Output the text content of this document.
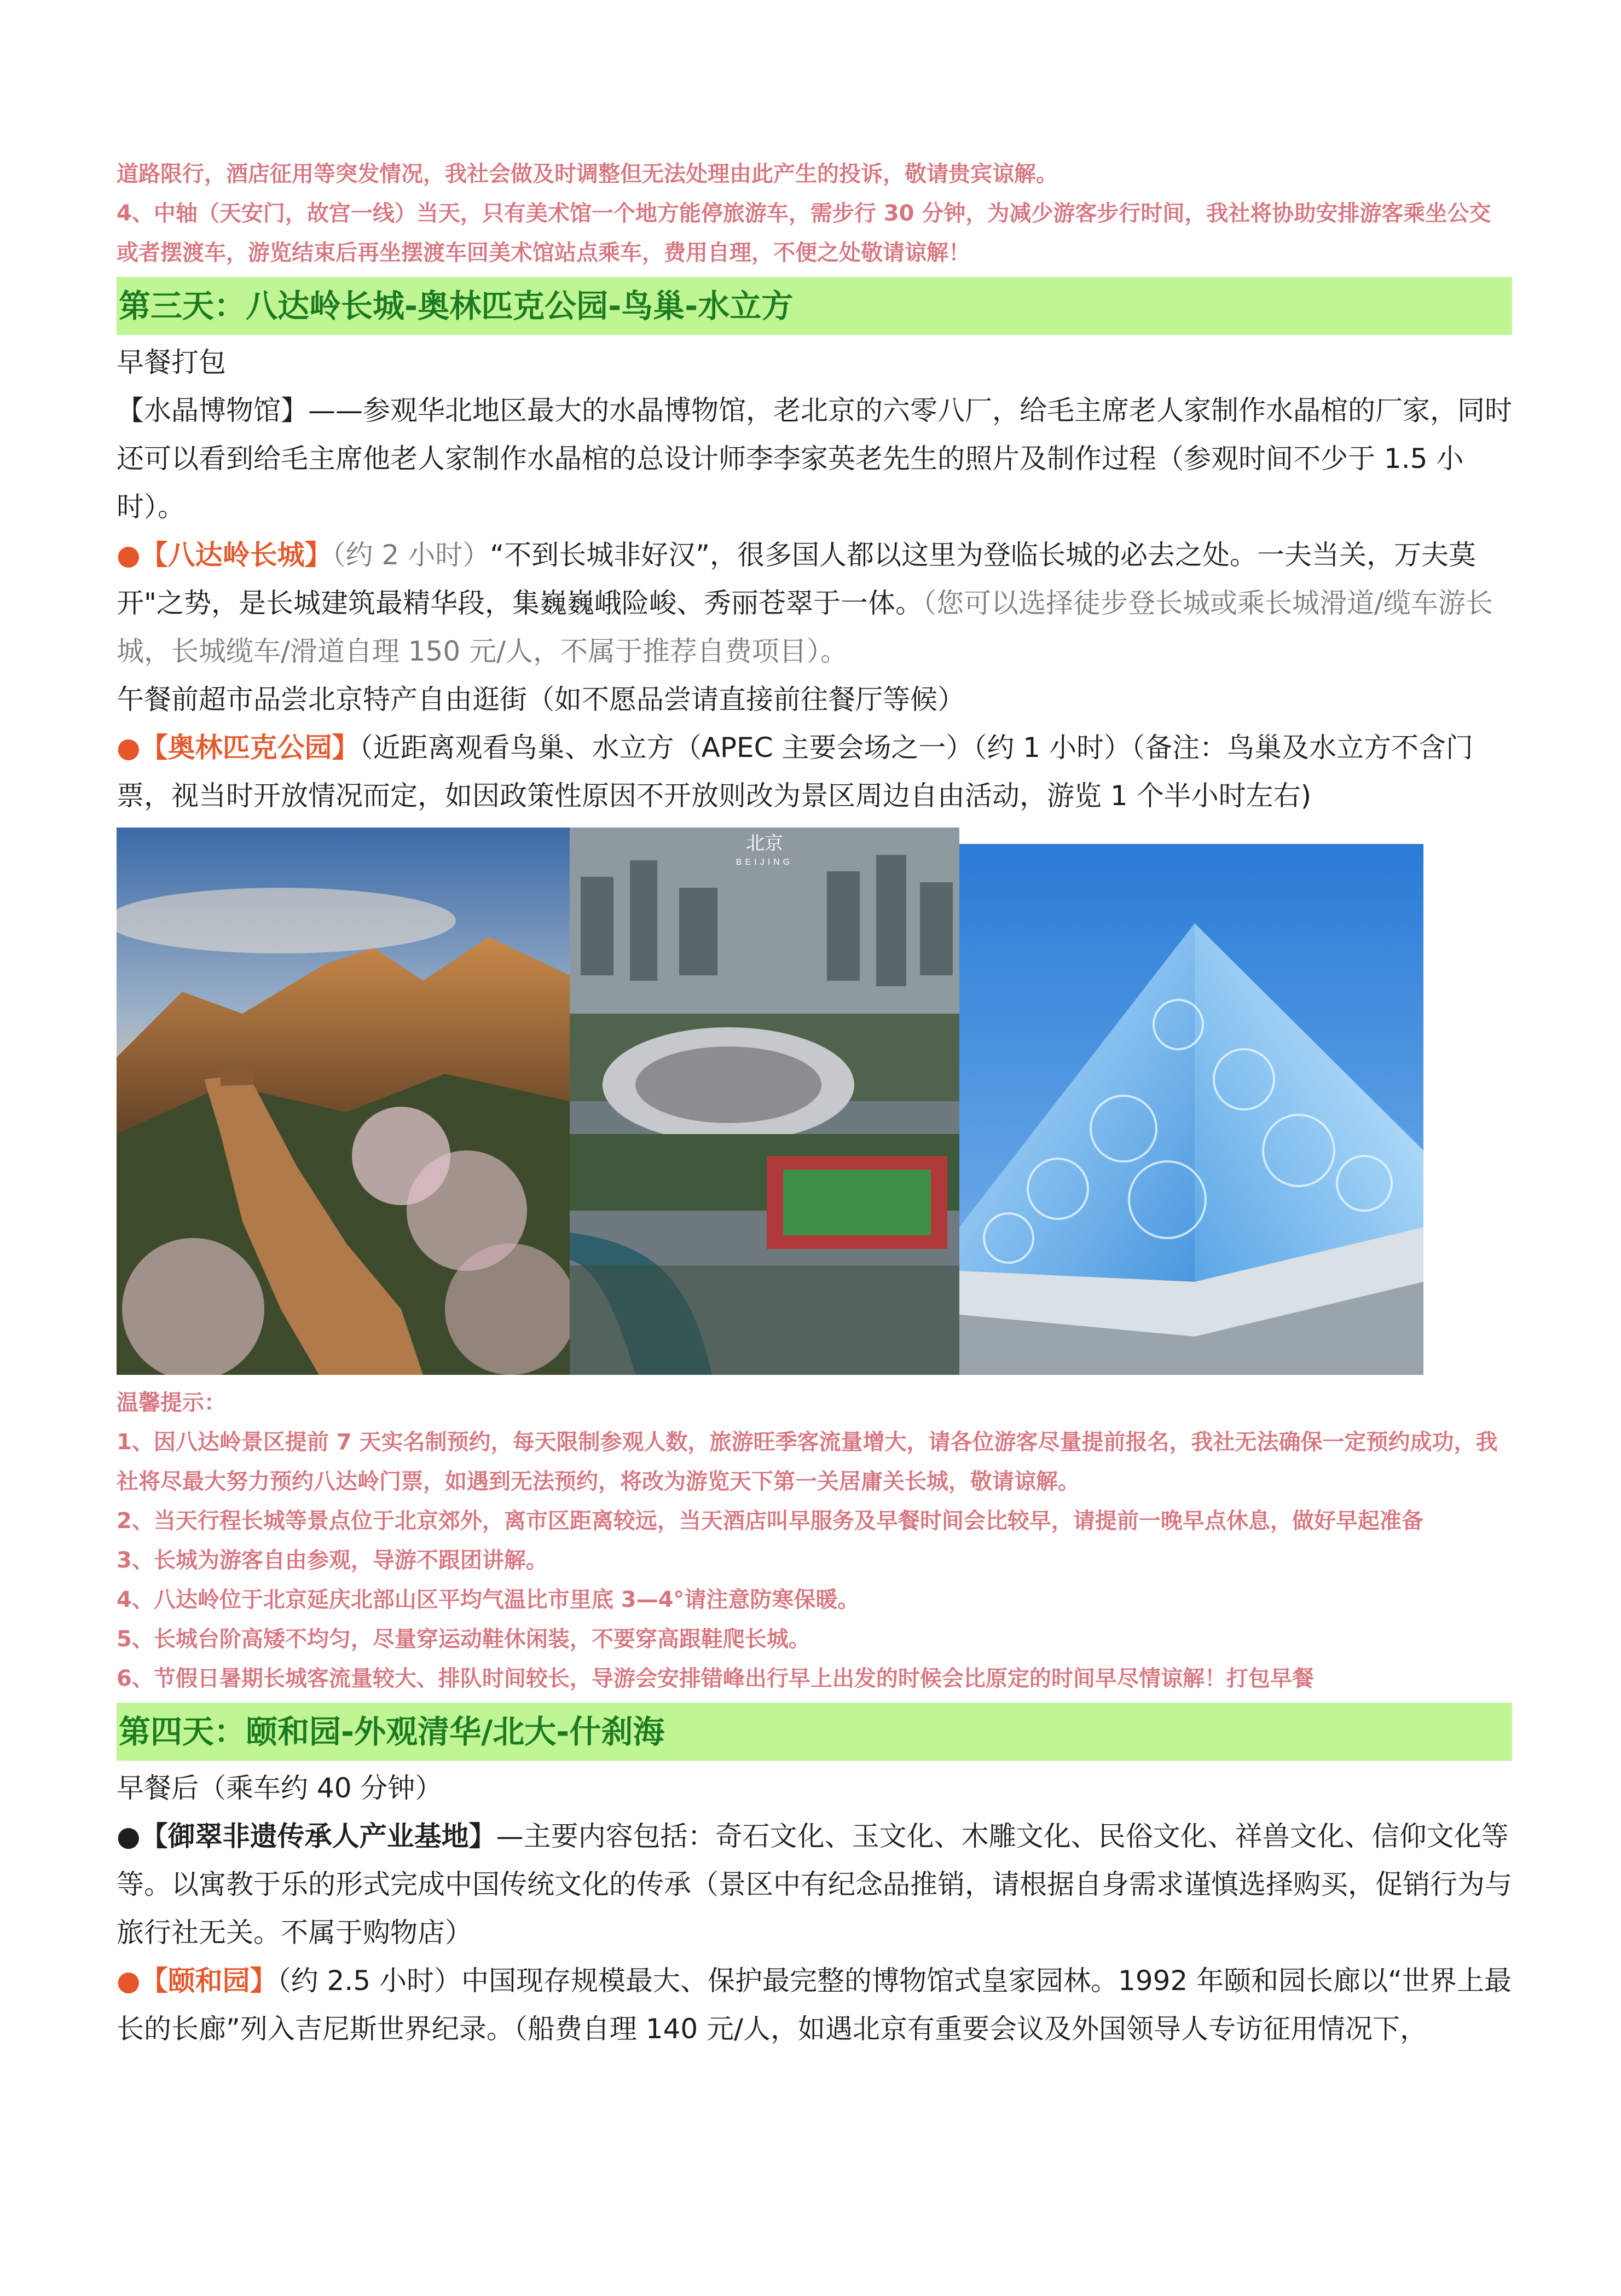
道路限行，酒店征用等突发情况，我社会做及时调整但无法处理由此产生的投诉，敬请贵宾谅解。
4、中轴（天安门，故宫一线）当天，只有美术馆一个地方能停旅游车，需步行 30 分钟，为减少游客步行时间，我社将协助安排游客乘坐公交或者摆渡车，游览结束后再坐摆渡车回美术馆站点乘车，费用自理，不便之处敬请谅解！
第三天：八达岭长城-奥林匹克公园-鸟巢-水立方
早餐打包
【水晶博物馆】——参观华北地区最大的水晶博物馆，老北京的六零八厂，给毛主席老人家制作水晶棺的厂家，同时还可以看到给毛主席他老人家制作水晶棺的总设计师李李家英老先生的照片及制作过程（参观时间不少于 1.5 小时）。
●【八达岭长城】（约 2 小时）“不到长城非好汉”，很多国人都以这里为登临长城的必去之处。一夫当关，万夫莫开"之势，是长城建筑最精华段，集巍巍峨险峻、秀丽苍翠于一体。（您可以选择徒步登长城或乘长城滑道/缆车游长城，长城缆车/滑道自理 150 元/人，不属于推荐自费项目）。
午餐前超市品尝北京特产自由逛街（如不愿品尝请直接前往餐厅等候）
●【奥林匹克公园】（近距离观看鸟巢、水立方（APEC 主要会场之一）（约 1 小时）（备注：鸟巢及水立方不含门票，视当时开放情况而定，如因政策性原因不开放则改为景区周边自由活动，游览 1 个半小时左右)
北京
BEIJING
温馨提示：
1、因八达岭景区提前 7 天实名制预约，每天限制参观人数，旅游旺季客流量增大，请各位游客尽量提前报名，我社无法确保一定预约成功，我社将尽最大努力预约八达岭门票，如遇到无法预约，将改为游览天下第一关居庸关长城，敬请谅解。
2、当天行程长城等景点位于北京郊外，离市区距离较远，当天酒店叫早服务及早餐时间会比较早，请提前一晚早点休息，做好早起准备
3、长城为游客自由参观，导游不跟团讲解。
4、八达岭位于北京延庆北部山区平均气温比市里底 3—4°请注意防寒保暖。
5、长城台阶高矮不均匀，尽量穿运动鞋休闲装，不要穿高跟鞋爬长城。
6、节假日暑期长城客流量较大、排队时间较长，导游会安排错峰出行早上出发的时候会比原定的时间早尽情谅解！打包早餐
第四天：颐和园-外观清华/北大-什刹海
早餐后（乘车约 40 分钟）
●【御翠非遗传承人产业基地】—主要内容包括：奇石文化、玉文化、木雕文化、民俗文化、祥兽文化、信仰文化等等。以寓教于乐的形式完成中国传统文化的传承（景区中有纪念品推销，请根据自身需求谨慎选择购买，促销行为与旅行社无关。不属于购物店）
●【颐和园】（约 2.5 小时）中国现存规模最大、保护最完整的博物馆式皇家园林。1992 年颐和园长廊以“世界上最长的长廊”列入吉尼斯世界纪录。（船费自理 140 元/人，如遇北京有重要会议及外国领导人专访征用情况下，
